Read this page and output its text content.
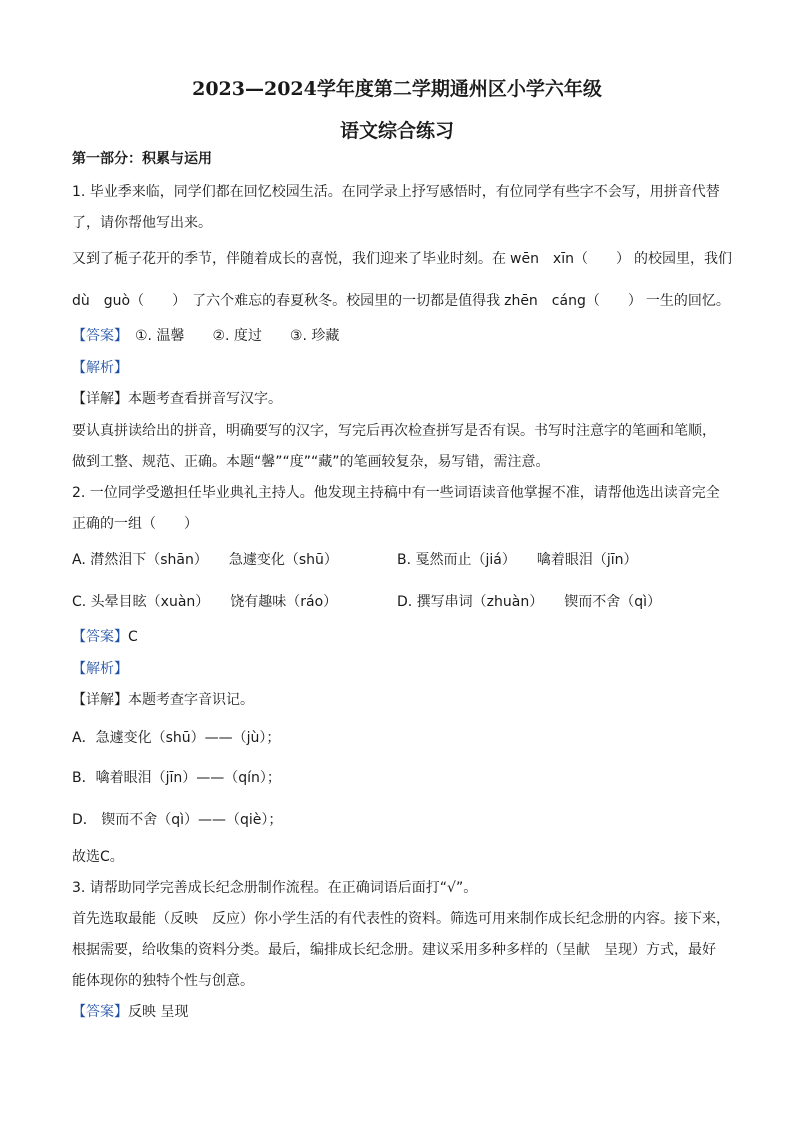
2023—2024学年度第二学期通州区小学六年级
语文综合练习
第一部分：积累与运用
1. 毕业季来临，同学们都在回忆校园生活。在同学录上抒写感悟时，有位同学有些字不会写，用拼音代替
了，请你帮他写出来。
又到了栀子花开的季节，伴随着成长的喜悦，我们迎来了毕业时刻。在 wēn　xīn（　　） 的校园里，我们
dù　guò（　　） 了六个难忘的春夏秋冬。校园里的一切都是值得我 zhēn　cáng（　　） 一生的回忆。
【答案】　①. 温馨　　②. 度过　　③. 珍藏
【解析】
【详解】本题考查看拼音写汉字。
要认真拼读给出的拼音，明确要写的汉字，写完后再次检查拼写是否有误。书写时注意字的笔画和笔顺，
做到工整、规范、正确。本题“馨”“度”“藏”的笔画较复杂，易写错，需注意。
2. 一位同学受邀担任毕业典礼主持人。他发现主持稿中有一些词语读音他掌握不准，请帮他选出读音完全
正确的一组（　　）
A. 潸然泪下（shān）　　急遽变化（shū）	B. 戛然而止（jiá）　　噙着眼泪（jīn）
C. 头晕目眩（xuàn）　　饶有趣味（ráo）	D. 撰写串词（zhuàn）　　锲而不舍（qì）
【答案】C
【解析】
【详解】本题考查字音识记。
A．急遽变化（shū）——（jù）；
B．噙着眼泪（jīn）——（qín）；
D． 锲而不舍（qì）——（qiè）；
故选C。
3. 请帮助同学完善成长纪念册制作流程。在正确词语后面打“√”。
首先选取最能（反映　反应）你小学生活的有代表性的资料。筛选可用来制作成长纪念册的内容。接下来，
根据需要，给收集的资料分类。最后，编排成长纪念册。建议采用多种多样的（呈献　呈现）方式，最好
能体现你的独特个性与创意。
【答案】反映 呈现
